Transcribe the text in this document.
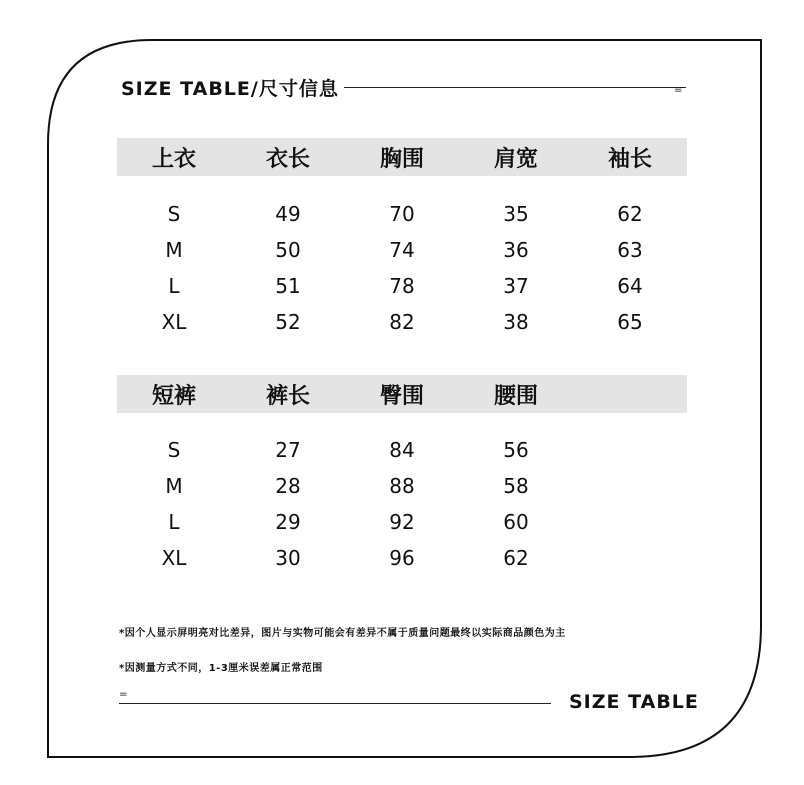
SIZE TABLE/尺寸信息	=
上衣	衣长	胸围	肩宽	袖长
S	49	70	35	62
M	50	74	36	63
L	51	78	37	64
XL	52	82	38	65
短裤	裤长	臀围	腰围
S	27	84	56
M	28	88	58
L	29	92	60
XL	30	96	62
*因个人显示屏明亮对比差异，图片与实物可能会有差异不属于质量问题最终以实际商品颜色为主
*因测量方式不同，1-3厘米误差属正常范围
=	SIZE TABLE
